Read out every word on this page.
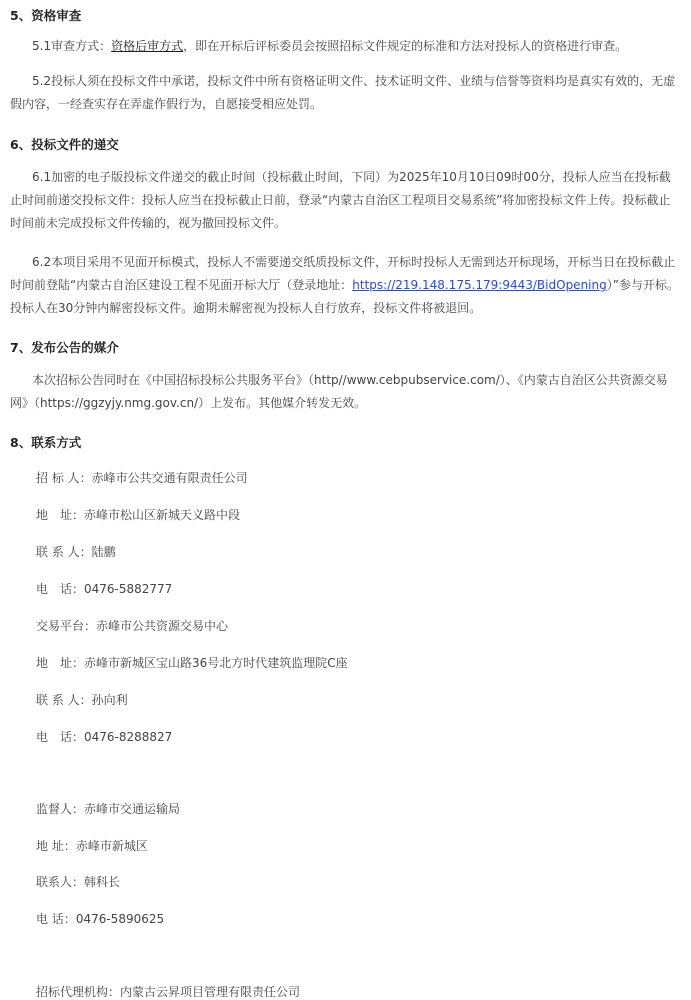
5、资格审查

5.1审查方式：资格后审方式，即在开标后评标委员会按照招标文件规定的标准和方法对投标人的资格进行审查。

5.2投标人须在投标文件中承诺，投标文件中所有资格证明文件、技术证明文件、业绩与信誉等资料均是真实有效的，无虚假内容，一经查实存在弄虚作假行为，自愿接受相应处罚。

6、投标文件的递交

6.1加密的电子版投标文件递交的截止时间（投标截止时间，下同）为2025年10月10日09时00分，投标人应当在投标截止时间前递交投标文件：投标人应当在投标截止日前，登录“内蒙古自治区工程项目交易系统”将加密投标文件上传。投标截止时间前未完成投标文件传输的，视为撤回投标文件。

6.2本项目采用不见面开标模式，投标人不需要递交纸质投标文件，开标时投标人无需到达开标现场，开标当日在投标截止时间前登陆“内蒙古自治区建设工程不见面开标大厅（登录地址：https://219.148.175.179:9443/BidOpening）”参与开标。投标人在30分钟内解密投标文件。逾期未解密视为投标人自行放弃，投标文件将被退回。

7、发布公告的媒介

本次招标公告同时在《中国招标投标公共服务平台》（http//www.cebpubservice.com/）、《内蒙古自治区公共资源交易网》（https://ggzyjy.nmg.gov.cn/）上发布。其他媒介转发无效。

8、联系方式
招 标 人：赤峰市公共交通有限责任公司
地　址：赤峰市松山区新城天义路中段
联 系 人：陆鹏
电　话：0476-5882777
交易平台：赤峰市公共资源交易中心
地　址：赤峰市新城区宝山路36号北方时代建筑监理院C座
联 系 人：孙向利
电　话：0476-8288827
监督人：赤峰市交通运输局
地 址：赤峰市新城区
联系人：韩科长
电 话：0476-5890625
招标代理机构：内蒙古云昇项目管理有限责任公司
